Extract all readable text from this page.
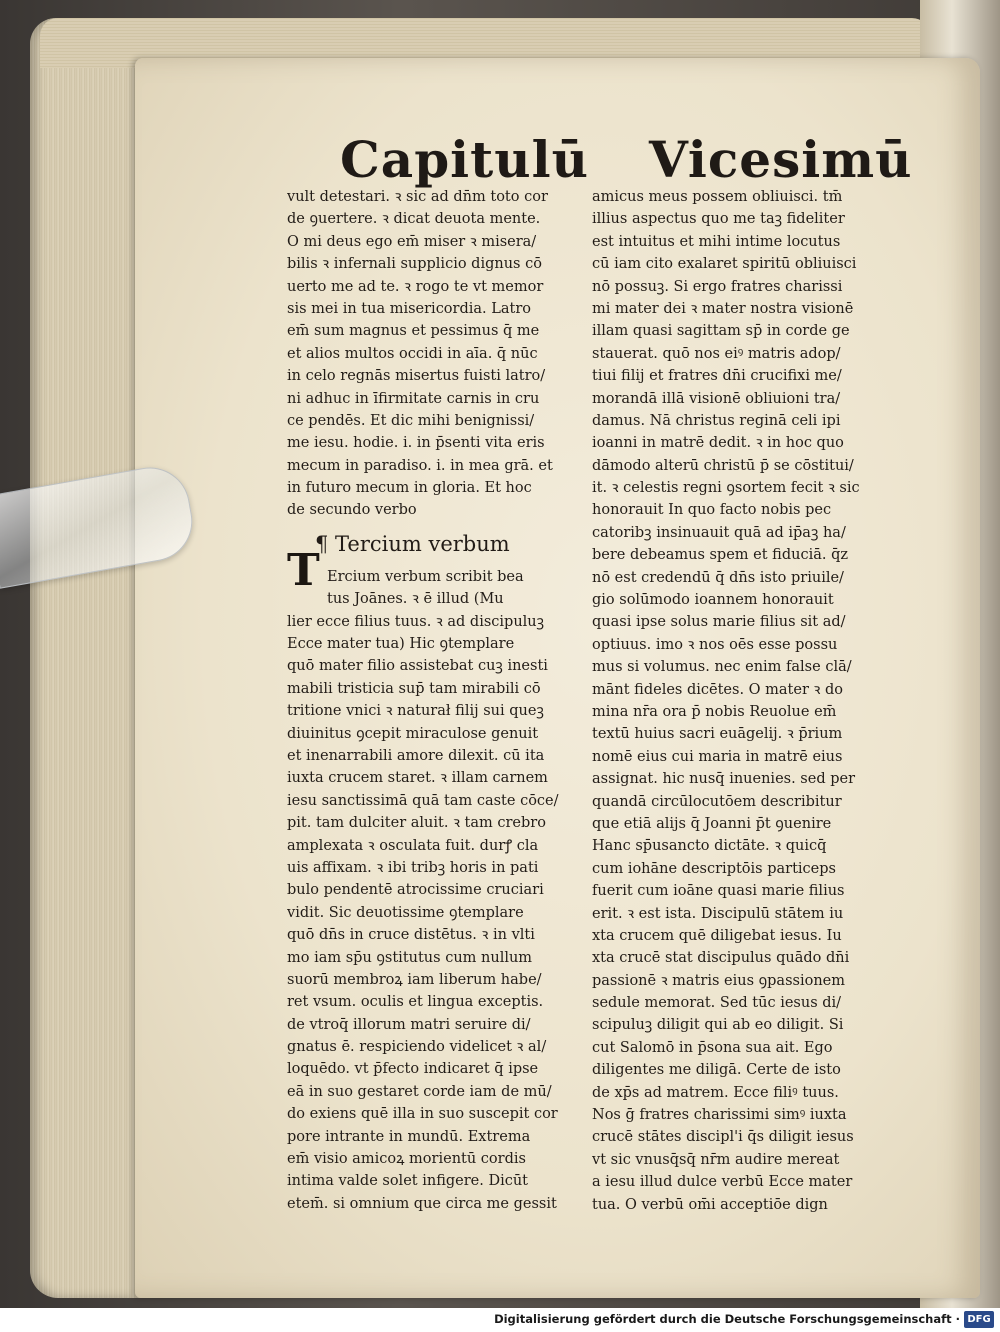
Capitulū Vicesimū
vult detestari. ꝛ sic ad dn̄m toto cor
de ꝯuertere. ꝛ dicat deuota mente.
O mi deus ego em̄ miser ꝛ misera/
bilis ꝛ infernali supplicio dignus cō
uerto me ad te. ꝛ rogo te vt memor
sis mei in tua misericordia. Latro
em̄ sum magnus et pessimus q̄ me
et alios multos occidi in aīa. q̄ nūc
in celo regnās misertus fuisti latro/
ni adhuc in īfirmitate carnis in cru
ce pendēs. Et dic mihi benignissi/
me iesu. hodie. i. in p̄senti vita eris
mecum in paradiso. i. in mea grā. et
in futuro mecum in gloria. Et hoc
de secundo verbo
¶ Tercium verbum
Ercium verbum scribit bea
tus Joānes. ꝛ ē illud (Mu
lier ecce filius tuus. ꝛ ad discipuluꝫ
Ecce mater tua) Hic ꝯtemplare
quō mater filio assistebat cuꝫ inesti
mabili tristicia sup̄ tam mirabili cō
tritione vnici ꝛ naturał filij sui queꝫ
diuinitus ꝯcepit miraculose genuit
et inenarrabili amore dilexit. cū ita
iuxta crucem staret. ꝛ illam carnem
iesu sanctissimā quā tam caste cōce/
pit. tam dulciter aluit. ꝛ tam crebro
amplexata ꝛ osculata fuit. durꝭ cla
uis affixam. ꝛ ibi tribꝫ horis in pati
bulo pendentē atrocissime cruciari
vidit. Sic deuotissime ꝯtemplare
quō dn̄s in cruce distētus. ꝛ in vlti
mo iam sp̄u ꝯstitutus cum nullum
suorū membroꝝ iam liberum habe/
ret vsum. oculis et lingua exceptis.
de vtroq̄ illorum matri seruire di/
gnatus ē. respiciendo videlicet ꝛ al/
loquēdo. vt p̄fecto indicaret q̄ ipse
eā in suo gestaret corde iam de mū/
do exiens quē illa in suo suscepit cor
pore intrante in mundū. Extrema
em̄ visio amicoꝝ morientū cordis
intima valde solet infigere. Dicūt
etem̄. si omnium que circa me gessit
T
amicus meus possem obliuisci. tm̄
illius aspectus quo me taꝫ fideliter
est intuitus et mihi intime locutus
cū iam cito exalaret spiritū obliuisci
nō possuꝫ. Si ergo fratres charissi
mi mater dei ꝛ mater nostra visionē
illam quasi sagittam sp̄ in corde ge
stauerat. quō nos eiꝰ matris adop/
tiui filij et fratres dn̄i crucifixi me/
morandā illā visionē obliuioni tra/
damus. Nā christus reginā celi ipi
ioanni in matrē dedit. ꝛ in hoc quo
dāmodo alterū christū p̄ se cōstitui/
it. ꝛ celestis regni ꝯsortem fecit ꝛ sic
honorauit In quo facto nobis pec
catoribꝫ insinuauit quā ad ip̄aꝫ ha/
bere debeamus spem et fiduciā. q̄z
nō est credendū q̄ dn̄s isto priuile/
gio solūmodo ioannem honorauit
quasi ipse solus marie filius sit ad/
optiuus. imo ꝛ nos oēs esse possu
mus si volumus. nec enim false clā/
mānt fideles dicētes. O mater ꝛ do
mina nr̄a ora p̄ nobis Reuolue em̄
textū huius sacri euāgelij. ꝛ p̄rium
nomē eius cui maria in matrē eius
assignat. hic nusq̄ inuenies. sed per
quandā circūlocutōem describitur
que etiā alijs q̄ Joanni p̄t ꝯuenire
Hanc sp̄usancto dictāte. ꝛ quicq̄
cum iohāne descriptōis particeps
fuerit cum ioāne quasi marie filius
erit. ꝛ est ista. Discipulū stātem iu
xta crucem quē diligebat iesus. Iu
xta crucē stat discipulus quādo dn̄i
passionē ꝛ matris eius ꝯpassionem
sedule memorat. Sed tūc iesus di/
scipuluꝫ diligit qui ab eo diligit. Si
cut Salomō in p̄sona sua ait. Ego
diligentes me diligā. Certe de isto
de xp̄s ad matrem. Ecce filiꝰ tuus.
Nos ḡ fratres charissimi simꝰ iuxta
crucē stātes discipl'i q̄s diligit iesus
vt sic vnusq̄sq̄ nr̄m audire mereat
a iesu illud dulce verbū Ecce mater
tua. O verbū om̄i acceptiōe dign
Digitalisierung gefördert durch die Deutsche Forschungsgemeinschaft · DFG
